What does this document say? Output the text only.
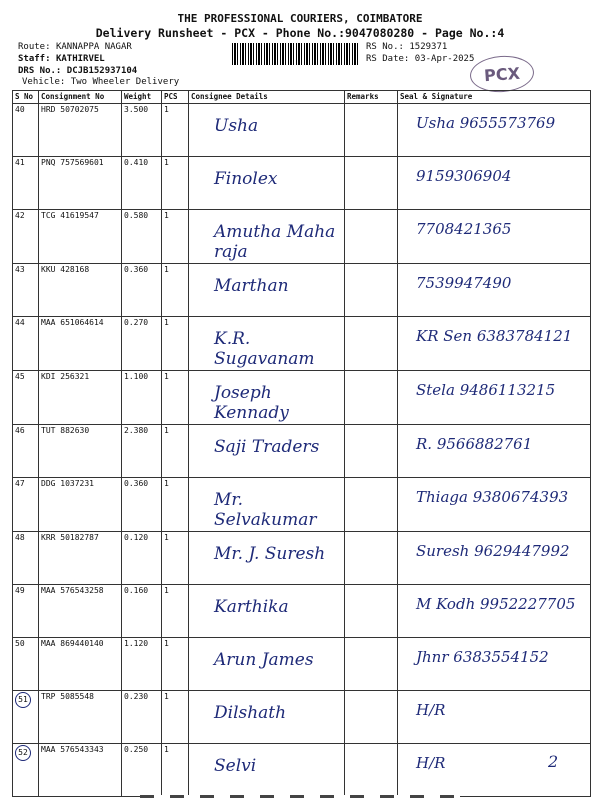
THE PROFESSIONAL COURIERS, COIMBATORE
Delivery Runsheet - PCX - Phone No.:9047080280 - Page No.:4
Route: KANNAPPA NAGAR
Staff: KATHIRVEL
DRS No.: DCJB152937104
Vehicle: Two Wheeler Delivery
RS No.: 1529371
RS Date: 03-Apr-2025
PCX
S No	Consignment No	Weight	PCS	Consignee Details	Remarks	Seal & Signature
40	HRD 50702075	3.500	1	Usha		Usha 9655573769
41	PNQ 757569601	0.410	1	Finolex		9159306904
42	TCG 41619547	0.580	1	Amutha Maha raja		7708421365
43	KKU 428168	0.360	1	Marthan		7539947490
44	MAA 651064614	0.270	1	K.R. Sugavanam		KR Sen 6383784121
45	KDI 256321	1.100	1	Joseph Kennady		Stela 9486113215
46	TUT 882630	2.380	1	Saji Traders		R. 9566882761
47	DDG 1037231	0.360	1	Mr. Selvakumar		Thiaga 9380674393
48	KRR 50182787	0.120	1	Mr. J. Suresh		Suresh 9629447992
49	MAA 576543258	0.160	1	Karthika		M Kodh 9952227705
50	MAA 869440140	1.120	1	Arun James		Jhnr 6383554152
51	TRP 5085548	0.230	1	Dilshath		H/R
52	MAA 576543343	0.250	1	Selvi		H/R	2
